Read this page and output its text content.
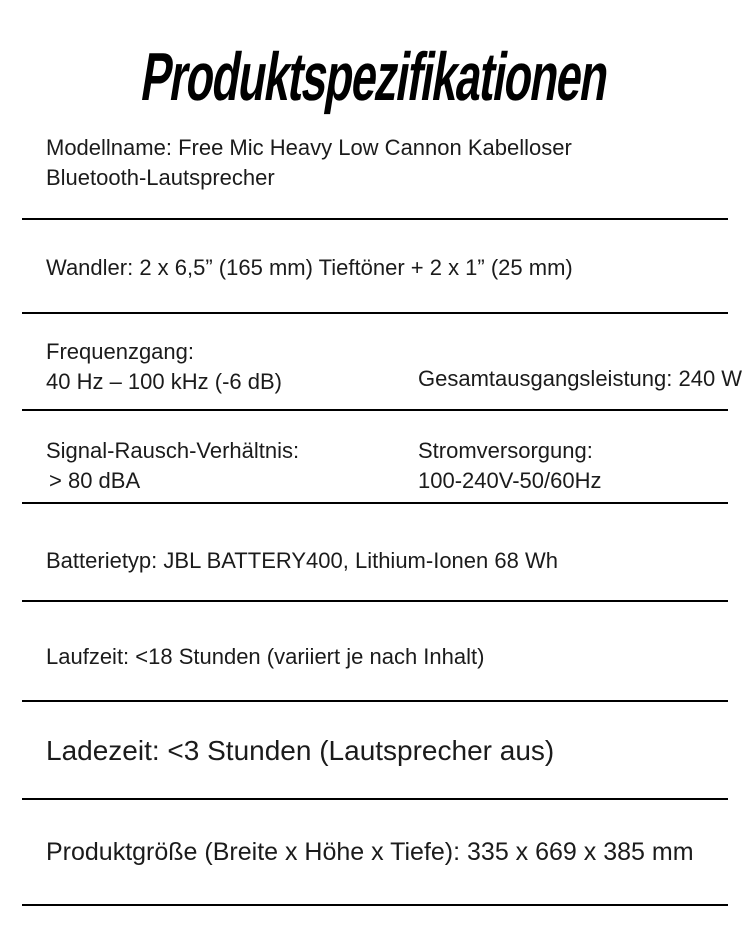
Produktspezifikationen
Modellname: Free Mic Heavy Low Cannon Kabelloser
Bluetooth-Lautsprecher
Wandler: 2 x 6,5” (165 mm) Tieftöner + 2 x 1” (25 mm)
Frequenzgang:
40 Hz – 100 kHz (-6 dB)	Gesamtausgangsleistung: 240 W
Signal-Rausch-Verhältnis:
> 80 dBA
Stromversorgung:
100-240V-50/60Hz
Batterietyp: JBL BATTERY400, Lithium-Ionen 68 Wh
Laufzeit: <18 Stunden (variiert je nach Inhalt)
Ladezeit: <3 Stunden (Lautsprecher aus)
Produktgröße (Breite x Höhe x Tiefe): 335 x 669 x 385 mm
